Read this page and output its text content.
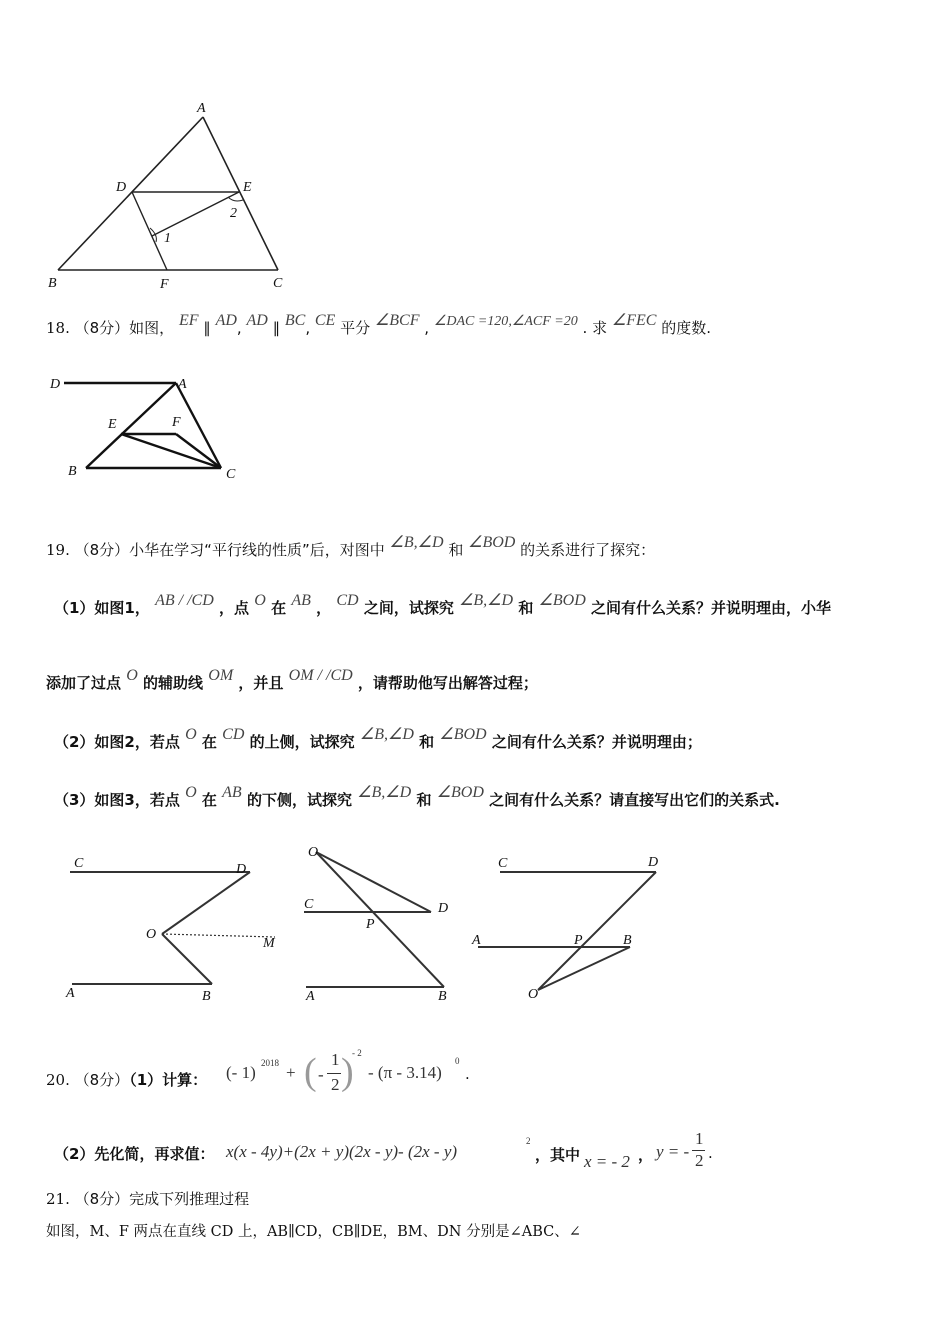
A
D	E
2
1
B	F	C
18. （8分）如图， EF ∥ AD, AD ∥ BC, CE 平分 ∠BCF , ∠DAC =120,∠ACF =20 . 求 ∠FEC 的度数.
D	A
E	F
B	C
19. （8分）小华在学习“平行线的性质”后，对图中 ∠B,∠D 和 ∠BOD 的关系进行了探究：
（1）如图1， AB / /CD ，点 O 在 AB ， CD 之间，试探究 ∠B,∠D 和 ∠BOD 之间有什么关系？并说明理由，小华
添加了过点 O 的辅助线 OM ，并且 OM / /CD ，请帮助他写出解答过程；
（2）如图2，若点 O 在 CD 的上侧，试探究 ∠B,∠D 和 ∠BOD 之间有什么关系？并说明理由；
（3）如图3，若点 O 在 AB 的下侧，试探究 ∠B,∠D 和 ∠BOD 之间有什么关系？请直接写出它们的关系式.
C	D
O
M
A	B
O
C	D
P
A	B
C	D
A	P	B
O
20. （8分）（1）计算： (- 1) 2018 + ( -
1
2 )
- 2
- (π - 3.14)
0
.
（2）先化简，再求值： x(x - 4y)+(2x + y)(2x - y)- (2x - y)
2
，其中 x = - 2 ， y = -
1
2 .
21. （8分）完成下列推理过程
如图，M、F 两点在直线 CD 上，AB∥CD，CB∥DE，BM、DN 分别是∠ABC、∠
